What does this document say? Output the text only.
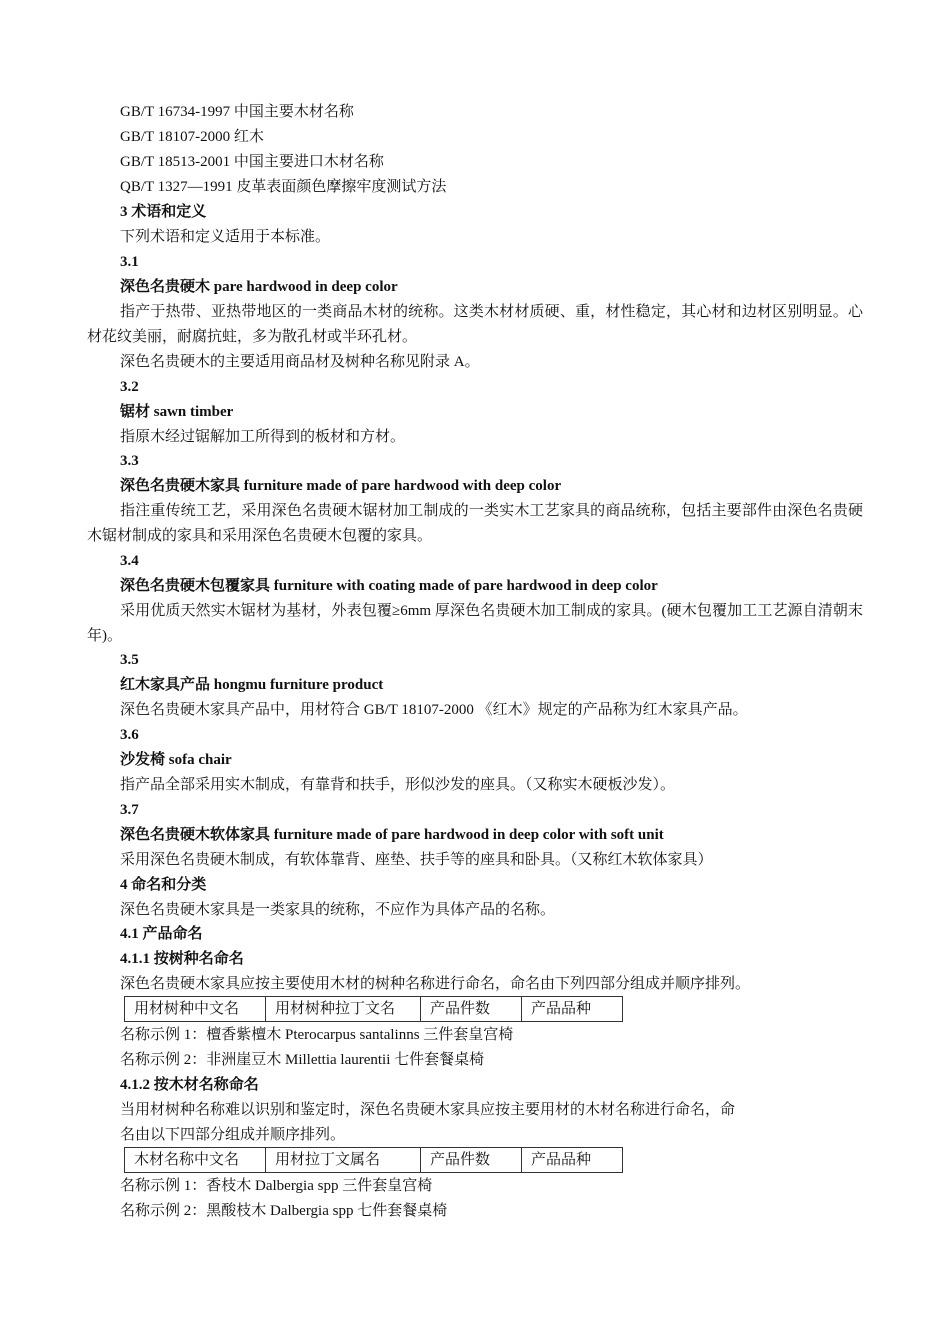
GB/T 16734-1997 中国主要木材名称
GB/T 18107-2000 红木
GB/T 18513-2001 中国主要进口木材名称
QB/T 1327—1991 皮革表面颜色摩擦牢度测试方法
3 术语和定义
下列术语和定义适用于本标准。
3.1
深色名贵硬木 pare hardwood in deep color
指产于热带、亚热带地区的一类商品木材的统称。这类木材材质硬、重，材性稳定，其心材和边材区别明显。心材花纹美丽，耐腐抗蛀，多为散孔材或半环孔材。
深色名贵硬木的主要适用商品材及树种名称见附录 A。
3.2
锯材 sawn timber
指原木经过锯解加工所得到的板材和方材。
3.3
深色名贵硬木家具 furniture made of pare hardwood with deep color
指注重传统工艺，采用深色名贵硬木锯材加工制成的一类实木工艺家具的商品统称，包括主要部件由深色名贵硬木锯材制成的家具和采用深色名贵硬木包覆的家具。
3.4
深色名贵硬木包覆家具 furniture with coating made of pare hardwood in deep color
采用优质天然实木锯材为基材，外表包覆≥6mm 厚深色名贵硬木加工制成的家具。(硬木包覆加工工艺源自清朝末年)。
3.5
红木家具产品 hongmu furniture product
深色名贵硬木家具产品中，用材符合 GB/T 18107-2000 《红木》规定的产品称为红木家具产品。
3.6
沙发椅 sofa chair
指产品全部采用实木制成，有靠背和扶手，形似沙发的座具。（又称实木硬板沙发）。
3.7
深色名贵硬木软体家具 furniture made of pare hardwood in deep color with soft unit
采用深色名贵硬木制成，有软体靠背、座垫、扶手等的座具和卧具。（又称红木软体家具）
4 命名和分类
深色名贵硬木家具是一类家具的统称，不应作为具体产品的名称。
4.1 产品命名
4.1.1 按树种名命名
深色名贵硬木家具应按主要使用木材的树种名称进行命名，命名由下列四部分组成并顺序排列。
用材树种中文名	用材树种拉丁文名	产品件数	产品品种
名称示例 1：檀香紫檀木 Pterocarpus santalinns 三件套皇宫椅
名称示例 2：非洲崖豆木 Millettia laurentii 七件套餐桌椅
4.1.2 按木材名称命名
当用材树种名称难以识别和鉴定时，深色名贵硬木家具应按主要用材的木材名称进行命名，命
名由以下四部分组成并顺序排列。
木材名称中文名	用材拉丁文属名	产品件数	产品品种
名称示例 1：香枝木 Dalbergia spp 三件套皇宫椅
名称示例 2：黑酸枝木 Dalbergia spp 七件套餐桌椅
